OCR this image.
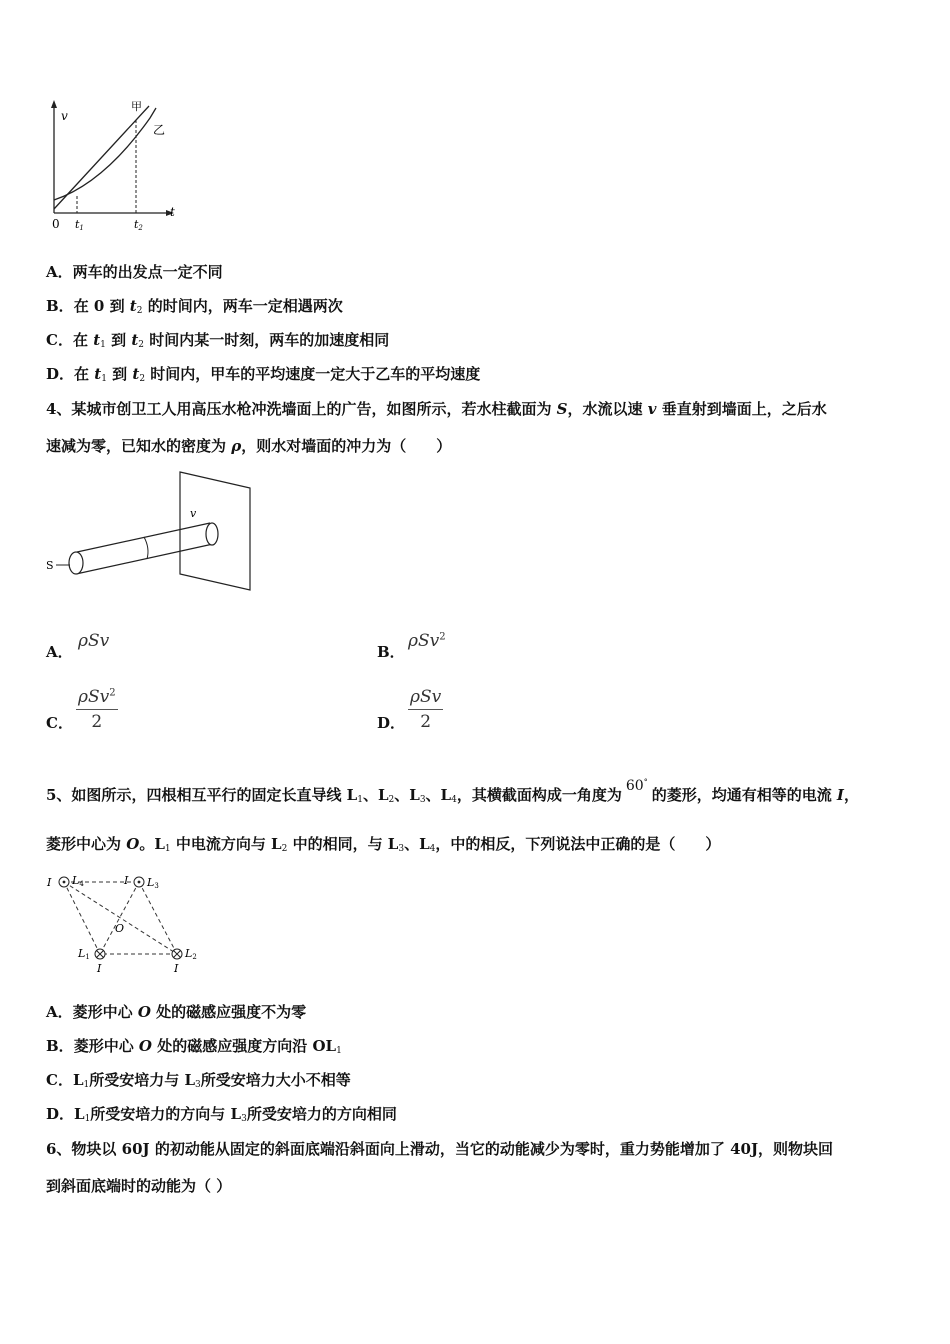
v
甲
乙
0
t
t1	t2
A．两车的出发点一定不同
B．在 0 到 $t_2$ 的时间内，两车一定相遇两次
C．在 $t_1$ 到 $t_2$ 时间内某一时刻，两车的加速度相同
D．在 $t_1$ 到 $t_2$ 时间内，甲车的平均速度一定大于乙车的平均速度
4、某城市创卫工人用高压水枪冲洗墙面上的广告，如图所示，若水柱截面为 S，水流以速 v 垂直射到墙面上，之后水
速减为零，已知水的密度为 ρ，则水对墙面的冲力为（　　）
v
S
A．
ρSv
B．
ρSv$^2$
C．
ρSv$^2$
2	D．
ρSv
2
5、如图所示，四根相互平行的固定长直导线 $L_1$、$L_2$、$L_3$、$L_4$，其横截面构成一角度为 60°的菱形，均通有相等的电流 I，
菱形中心为 O。$L_1$ 中电流方向与 $L_2$ 中的相同，与 $L_3$、$L_4$，中的相反，下列说法中正确的是（　　）
I L4	I L3
O
L1
I
L2
I
A．菱形中心 O 处的磁感应强度不为零
B．菱形中心 O 处的磁感应强度方向沿 $OL_1$
C．$L_1$所受安培力与 $L_3$所受安培力大小不相等
D．$L_1$所受安培力的方向与 $L_3$所受安培力的方向相同
6、物块以 60J 的初动能从固定的斜面底端沿斜面向上滑动，当它的动能减少为零时，重力势能增加了 40J，则物块回
到斜面底端时的动能为（ ）
